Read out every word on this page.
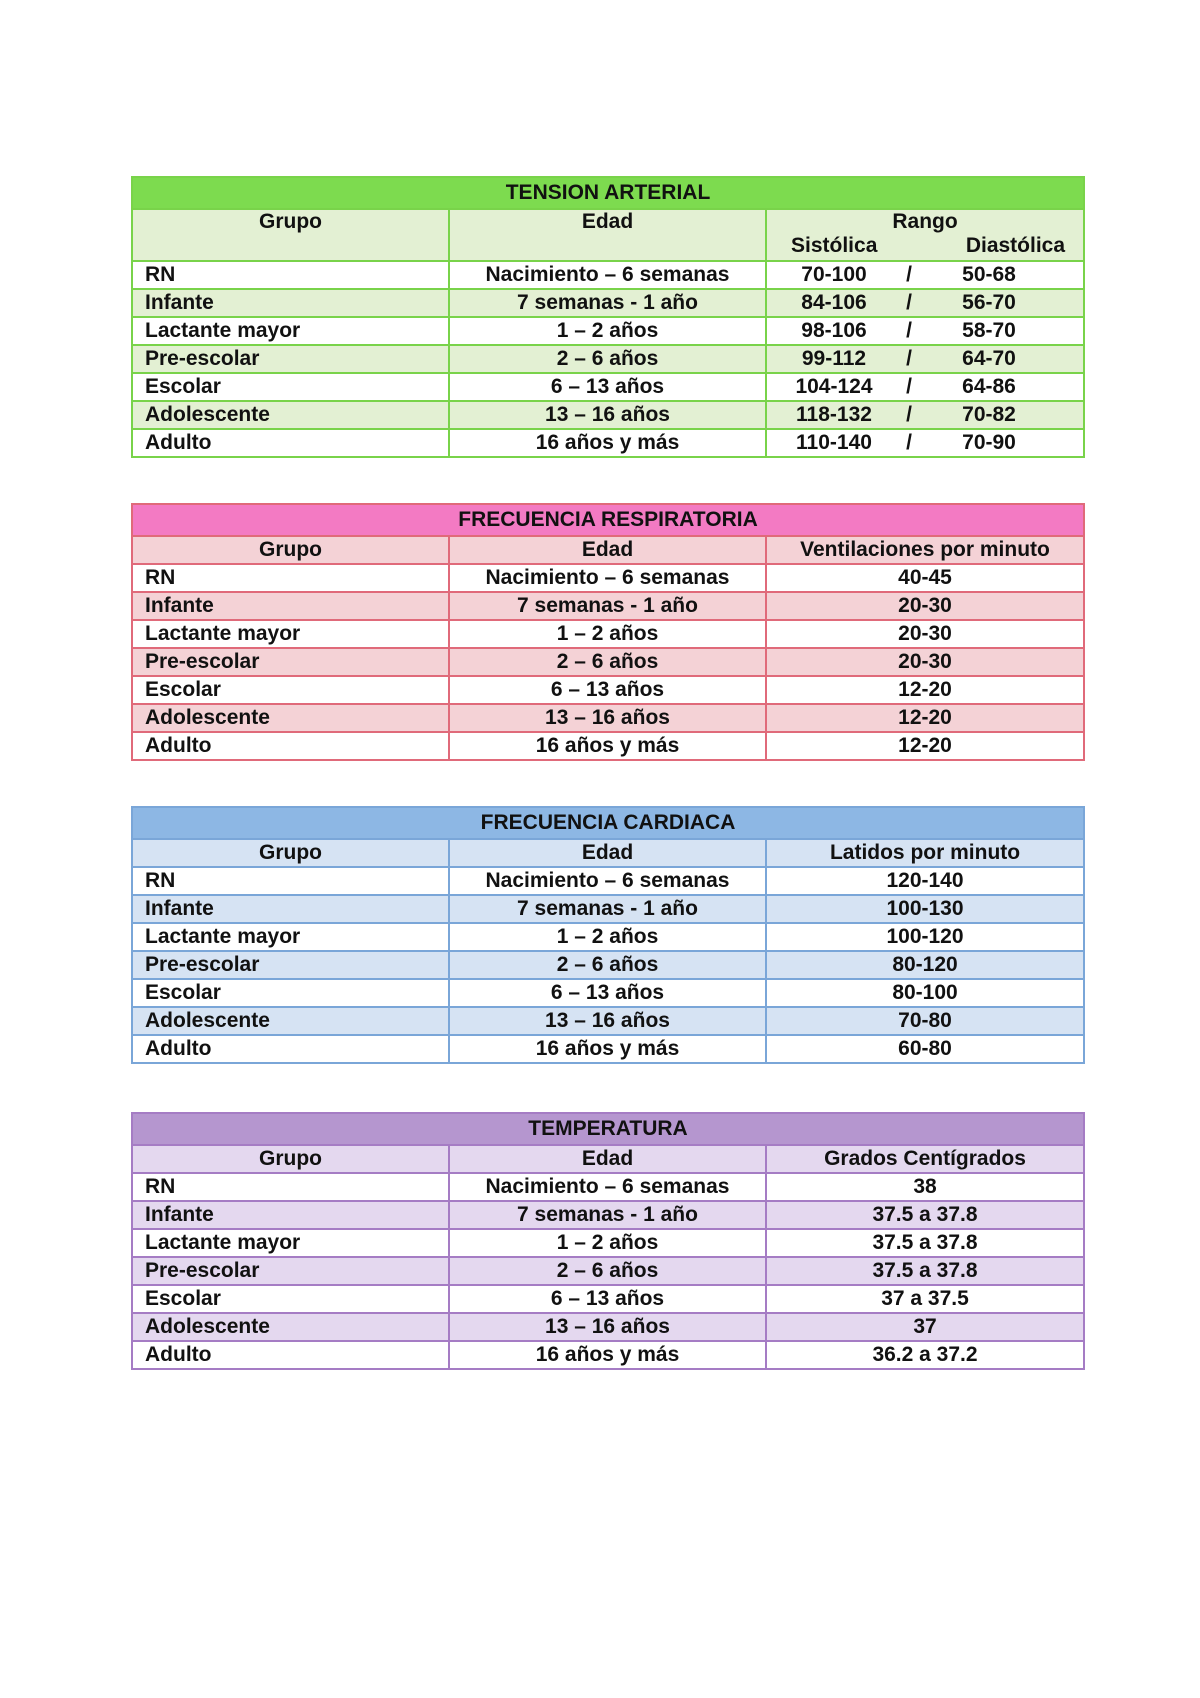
TENSION ARTERIAL		
Grupo	Edad	Rango
Sistólica Diastólica

RN	Nacimiento – 6 semanas	70-100 / 50-68

Infante	7 semanas - 1 año	84-106 / 56-70

Lactante mayor	1 – 2 años	98-106 / 58-70

Pre-escolar	2 – 6 años	99-112 / 64-70

Escolar	6 – 13 años	104-124 / 64-86

Adolescente	13 – 16 años	118-132 / 70-82

Adulto	16 años y más	110-140 / 70-90
FRECUENCIA RESPIRATORIA		
Grupo	Edad	Ventilaciones por minuto
RN	Nacimiento – 6 semanas	40-45
Infante	7 semanas - 1 año	20-30
Lactante mayor	1 – 2 años	20-30
Pre-escolar	2 – 6 años	20-30
Escolar	6 – 13 años	12-20
Adolescente	13 – 16 años	12-20
Adulto	16 años y más	12-20
FRECUENCIA CARDIACA		
Grupo	Edad	Latidos por minuto
RN	Nacimiento – 6 semanas	120-140
Infante	7 semanas - 1 año	100-130
Lactante mayor	1 – 2 años	100-120
Pre-escolar	2 – 6 años	80-120
Escolar	6 – 13 años	80-100
Adolescente	13 – 16 años	70-80
Adulto	16 años y más	60-80
TEMPERATURA		
Grupo	Edad	Grados Centígrados
RN	Nacimiento – 6 semanas	38
Infante	7 semanas - 1 año	37.5 a 37.8
Lactante mayor	1 – 2 años	37.5 a 37.8
Pre-escolar	2 – 6 años	37.5 a 37.8
Escolar	6 – 13 años	37 a 37.5
Adolescente	13 – 16 años	37
Adulto	16 años y más	36.2 a 37.2
